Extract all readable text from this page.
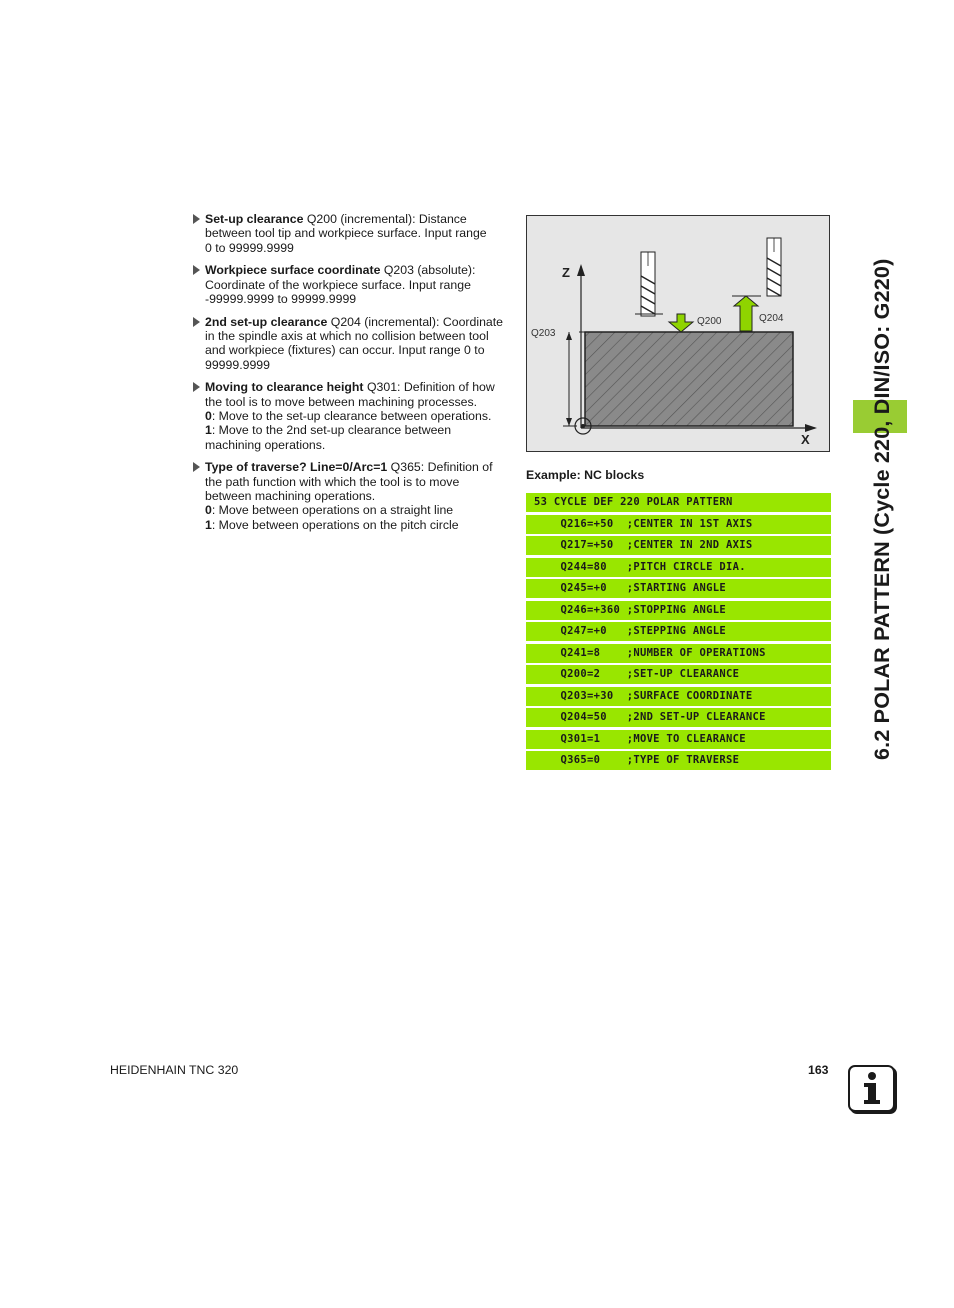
6.2 POLAR PATTERN (Cycle 220, DIN/ISO: G220)
Set-up clearance Q200 (incremental): Distance
between tool tip and workpiece surface. Input range
0 to 99999.9999
Workpiece surface coordinate Q203 (absolute):
Coordinate of the workpiece surface. Input range
-99999.9999 to 99999.9999
2nd set-up clearance Q204 (incremental): Coordinate
in the spindle axis at which no collision between tool
and workpiece (fixtures) can occur. Input range 0 to
99999.9999
Moving to clearance height Q301: Definition of how
the tool is to move between machining processes.
0: Move to the set-up clearance between operations.
1: Move to the 2nd set-up clearance between
machining operations.
Type of traverse? Line=0/Arc=1 Q365: Definition of
the path function with which the tool is to move
between machining operations.
0: Move between operations on a straight line
1: Move between operations on the pitch circle
Z
X
Q203
Q200	Q204
Example: NC blocks
53 CYCLE DEF 220 POLAR PATTERN
Q216=+50  ;CENTER IN 1ST AXIS
Q217=+50  ;CENTER IN 2ND AXIS
Q244=80   ;PITCH CIRCLE DIA.
Q245=+0   ;STARTING ANGLE
Q246=+360 ;STOPPING ANGLE
Q247=+0   ;STEPPING ANGLE
Q241=8    ;NUMBER OF OPERATIONS
Q200=2    ;SET-UP CLEARANCE
Q203=+30  ;SURFACE COORDINATE
Q204=50   ;2ND SET-UP CLEARANCE
Q301=1    ;MOVE TO CLEARANCE
Q365=0    ;TYPE OF TRAVERSE
HEIDENHAIN TNC 320	163
